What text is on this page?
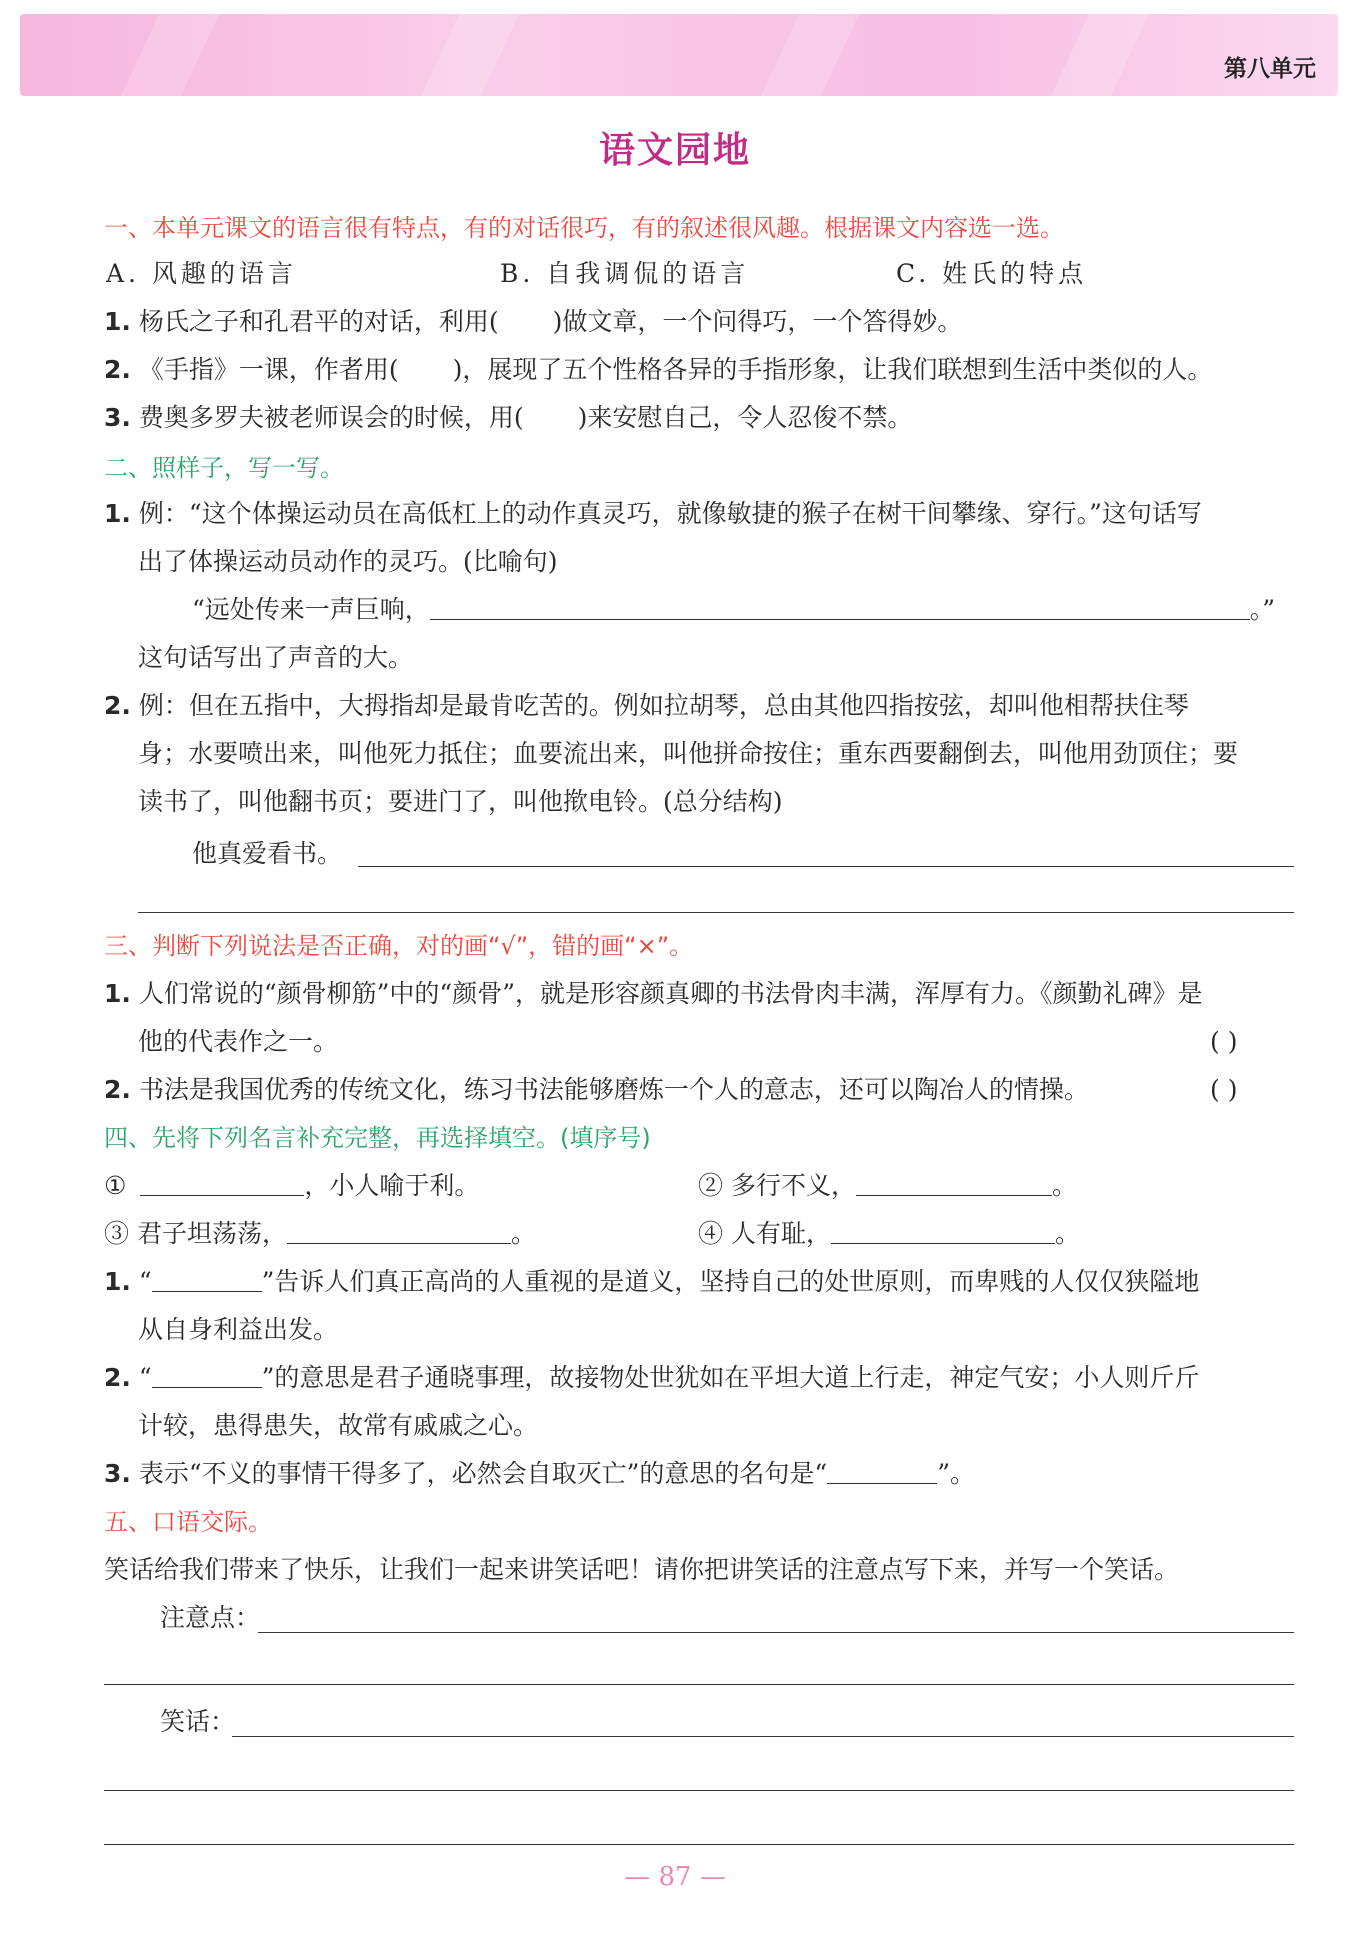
第八单元
语文园地
一、本单元课文的语言很有特点，有的对话很巧，有的叙述很风趣。根据课文内容选一选。
A. 风趣的语言	B. 自我调侃的语言	C. 姓氏的特点
1. 杨氏之子和孔君平的对话，利用( )做文章，一个问得巧，一个答得妙。
2. 《手指》一课，作者用( )，展现了五个性格各异的手指形象，让我们联想到生活中类似的人。
3. 费奥多罗夫被老师误会的时候，用( )来安慰自己，令人忍俊不禁。
二、照样子，写一写。
1. 例：“这个体操运动员在高低杠上的动作真灵巧，就像敏捷的猴子在树干间攀缘、穿行。”这句话写
出了体操运动员动作的灵巧。(比喻句)
“远处传来一声巨响，	。”
这句话写出了声音的大。
2. 例：但在五指中，大拇指却是最肯吃苦的。例如拉胡琴，总由其他四指按弦，却叫他相帮扶住琴
身；水要喷出来，叫他死力抵住；血要流出来，叫他拼命按住；重东西要翻倒去，叫他用劲顶住；要
读书了，叫他翻书页；要进门了，叫他揿电铃。(总分结构)
他真爱看书。
三、判断下列说法是否正确，对的画“√”，错的画“×”。
1. 人们常说的“颜骨柳筋”中的“颜骨”，就是形容颜真卿的书法骨肉丰满，浑厚有力。《颜勤礼碑》是
他的代表作之一。	( )
2. 书法是我国优秀的传统文化，练习书法能够磨炼一个人的意志，还可以陶冶人的情操。	( )
四、先将下列名言补充完整，再选择填空。(填序号)
①	，小人喻于利。	② 多行不义，	。
③ 君子坦荡荡，	。	④ 人有耻，	。
1. “	”告诉人们真正高尚的人重视的是道义，坚持自己的处世原则，而卑贱的人仅仅狭隘地
从自身利益出发。
2. “	”的意思是君子通晓事理，故接物处世犹如在平坦大道上行走，神定气安；小人则斤斤
计较，患得患失，故常有戚戚之心。
3. 表示“不义的事情干得多了，必然会自取灭亡”的意思的名句是“	”。
五、口语交际。
笑话给我们带来了快乐，让我们一起来讲笑话吧！请你把讲笑话的注意点写下来，并写一个笑话。
注意点：
笑话：
— 87 —
